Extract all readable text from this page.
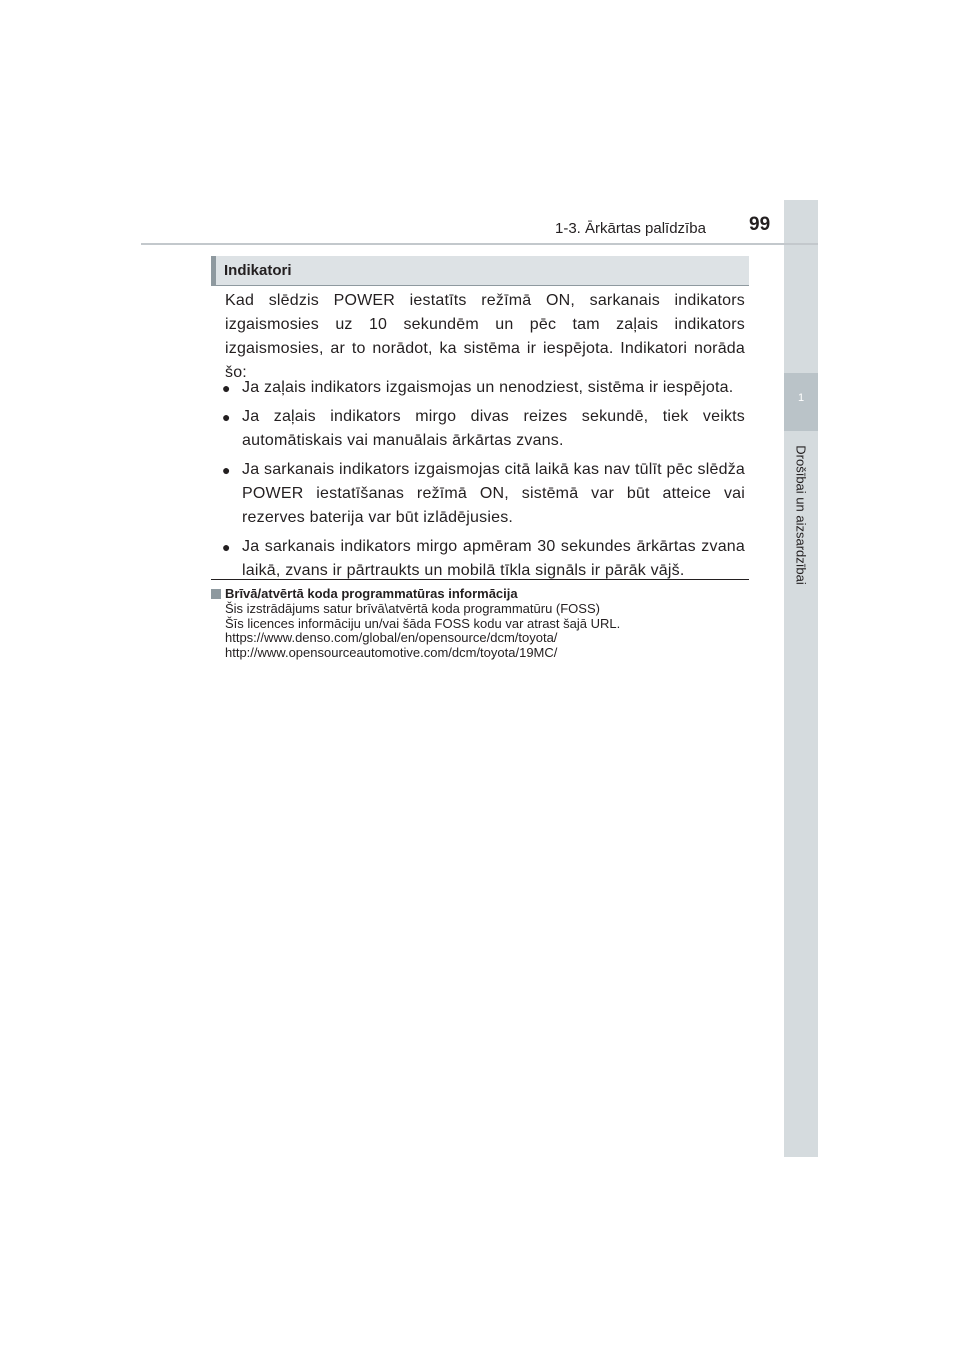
1
Drošībai un aizsardzībai
1-3. Ārkārtas palīdzība 99
Indikatori
Kad slēdzis POWER iestatīts režīmā ON, sarkanais indikators izgaismosies uz 10 sekundēm un pēc tam zaļais indikators izgaismosies, ar to norādot, ka sistēma ir iespējota. Indikatori norāda šo:
● Ja zaļais indikators izgaismojas un nenodziest, sistēma ir iespējota.
● Ja zaļais indikators mirgo divas reizes sekundē, tiek veikts automātiskais vai manuālais ārkārtas zvans.
● Ja sarkanais indikators izgaismojas citā laikā kas nav tūlīt pēc slēdža POWER iestatīšanas režīmā ON, sistēmā var būt atteice vai rezerves baterija var būt izlādējusies.
● Ja sarkanais indikators mirgo apmēram 30 sekundes ārkārtas zvana laikā, zvans ir pārtraukts un mobilā tīkla signāls ir pārāk vājš.
Brīvā/atvērtā koda programmatūras informācija
Šis izstrādājums satur brīvā\atvērtā koda programmatūru (FOSS)
Šīs licences informāciju un/vai šāda FOSS kodu var atrast šajā URL.
https://www.denso.com/global/en/opensource/dcm/toyota/
http://www.opensourceautomotive.com/dcm/toyota/19MC/
